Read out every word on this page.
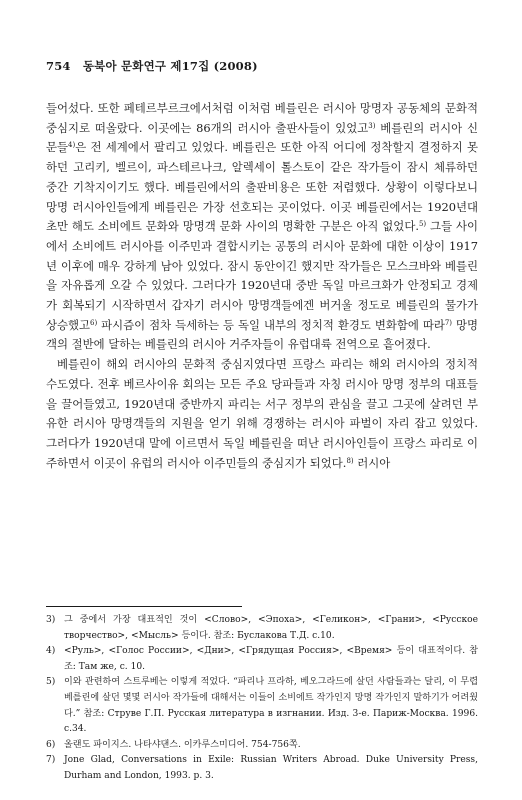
754 동북아 문화연구 제17집 (2008)

들어섰다. 또한 페테르부르크에서처럼 이처럼 베를린은 러시아 망명자 공동체의 문화적 중심지로 떠올랐다. 이곳에는 86개의 러시아 출판사들이 있었고$^{3)}$ 베를린의 러시아 신문들$^{4)}$은 전 세계에서 팔리고 있었다. 베를린은 또한 아직 어디에 정착할지 결정하지 못하던 고리키, 벨르이, 파스테르나크, 알렉세이 톨스토이 같은 작가들이 잠시 체류하던 중간 기착지이기도 했다. 베를린에서의 출판비용은 또한 저렴했다. 상황이 이렇다보니 망명 러시아인들에게 베를린은 가장 선호되는 곳이었다. 이곳 베를린에서는 1920년대 초만 해도 소비에트 문화와 망명객 문화 사이의 명확한 구분은 아직 없었다.$^{5)}$ 그들 사이에서 소비에트 러시아를 이주민과 결합시키는 공통의 러시아 문화에 대한 이상이 1917년 이후에 매우 강하게 남아 있었다. 잠시 동안이긴 했지만 작가들은 모스크바와 베를린을 자유롭게 오갈 수 있었다. 그러다가 1920년대 중반 독일 마르크화가 안정되고 경제가 회복되기 시작하면서 갑자기 러시아 망명객들에겐 버거울 정도로 베를린의 물가가 상승했고$^{6)}$ 파시즘이 점차 득세하는 등 독일 내부의 정치적 환경도 변화함에 따라$^{7)}$ 망명객의 절반에 달하는 베를린의 러시아 거주자들이 유럽대륙 전역으로 흩어졌다.

베를린이 해외 러시아의 문화적 중심지였다면 프랑스 파리는 해외 러시아의 정치적 수도였다. 전후 베르사이유 회의는 모든 주요 당파들과 자칭 러시아 망명 정부의 대표들을 끌어들였고, 1920년대 중반까지 파리는 서구 정부의 관심을 끌고 그곳에 살려던 부유한 러시아 망명객들의 지원을 얻기 위해 경쟁하는 러시아 파벌이 자리 잡고 있었다. 그러다가 1920년대 말에 이르면서 독일 베를린을 떠난 러시아인들이 프랑스 파리로 이주하면서 이곳이 유럽의 러시아 이주민들의 중심지가 되었다.$^{8)}$ 러시아

3) 그 중에서 가장 대표적인 것이 <Слово>, <Эпоха>, <Геликон>, <Грани>, <Русское творчество>, <Мысль> 등이다. 참조: Буслакова Т.Д. с.10.
4) <Руль>, <Голос России>, <Дни>, <Грядущая Россия>, <Время> 등이 대표적이다. 참조: Там же, с. 10.
5) 이와 관련하여 스트루베는 이렇게 적었다. “파리나 프라하, 베오그라드에 살던 사람들과는 달리, 이 무렵 베를린에 살던 몇몇 러시아 작가들에 대해서는 이들이 소비에트 작가인지 망명 작가인지 말하기가 어려웠다.” 참조: Струве Г.П. Русская литература в изгнании. Изд. 3-е. Париж-Москва. 1996. с.34.
6) 올랜도 파이지스. 나타샤댄스. 이카루스미디어. 754-756쪽.
7) Jone Glad, Conversations in Exile: Russian Writers Abroad. Duke University Press, Durham and London, 1993. p. 3.
